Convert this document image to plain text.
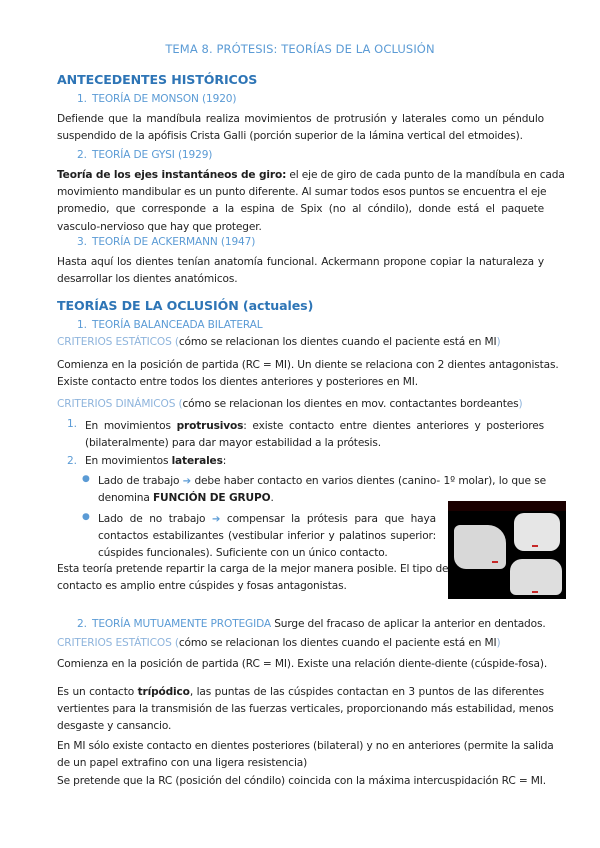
TEMA 8. PRÓTESIS: TEORÍAS DE LA OCLUSIÓN
ANTECEDENTES HISTÓRICOS
1. TEORÍA DE MONSON (1920)
Defiende que la mandíbula realiza movimientos de protrusión y laterales como un péndulo
suspendido de la apófisis Crista Galli (porción superior de la lámina vertical del etmoides).
2. TEORÍA DE GYSI (1929)
Teoría de los ejes instantáneos de giro: el eje de giro de cada punto de la mandíbula en cada
movimiento mandibular es un punto diferente. Al sumar todos esos puntos se encuentra el eje
promedio, que corresponde a la espina de Spix (no al cóndilo), donde está el paquete
vasculo-nervioso que hay que proteger.
3. TEORÍA DE ACKERMANN (1947)
Hasta aquí los dientes tenían anatomía funcional. Ackermann propone copiar la naturaleza y
desarrollar los dientes anatómicos.
TEORÍAS DE LA OCLUSIÓN (actuales)
1. TEORÍA BALANCEADA BILATERAL
CRITERIOS ESTÁTICOS (cómo se relacionan los dientes cuando el paciente está en MI)
Comienza en la posición de partida (RC = MI). Un diente se relaciona con 2 dientes antagonistas.
Existe contacto entre todos los dientes anteriores y posteriores en MI.
CRITERIOS DINÁMICOS (cómo se relacionan los dientes en mov. contactantes bordeantes)
1. En movimientos protrusivos: existe contacto entre dientes anteriores y posteriores
(bilateralmente) para dar mayor estabilidad a la prótesis.
2. En movimientos laterales:
● Lado de trabajo ➔ debe haber contacto en varios dientes (canino- 1º molar), lo que se
denomina FUNCIÓN DE GRUPO.
● Lado de no trabajo ➔ compensar la prótesis para que haya
contactos estabilizantes (vestibular inferior y palatinos superior:
cúspides funcionales). Suficiente con un único contacto.
Esta teoría pretende repartir la carga de la mejor manera posible. El tipo de
contacto es amplio entre cúspides y fosas antagonistas.
2. TEORÍA MUTUAMENTE PROTEGIDA Surge del fracaso de aplicar la anterior en dentados.
CRITERIOS ESTÁTICOS (cómo se relacionan los dientes cuando el paciente está en MI)
Comienza en la posición de partida (RC = MI). Existe una relación diente-diente (cúspide-fosa).
Es un contacto trípódico, las puntas de las cúspides contactan en 3 puntos de las diferentes
vertientes para la transmisión de las fuerzas verticales, proporcionando más estabilidad, menos
desgaste y cansancio.
En MI sólo existe contacto en dientes posteriores (bilateral) y no en anteriores (permite la salida
de un papel extrafino con una ligera resistencia)
Se pretende que la RC (posición del cóndilo) coincida con la máxima intercuspidación RC = MI.
